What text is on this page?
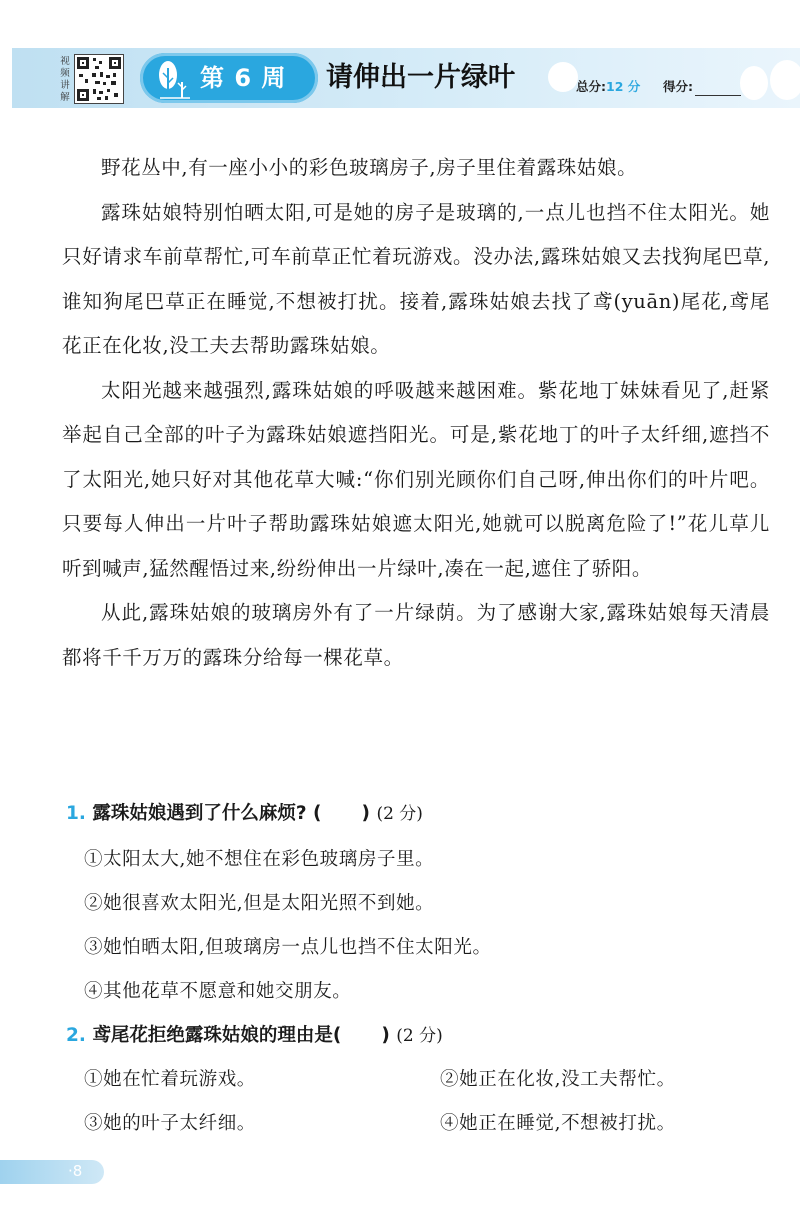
视频讲解
第 6 周	请伸出一片绿叶	总分:12 分 得分:

野花丛中,有一座小小的彩色玻璃房子,房子里住着露珠姑娘。

露珠姑娘特别怕晒太阳,可是她的房子是玻璃的,一点儿也挡不住太阳光。她只好请求车前草帮忙,可车前草正忙着玩游戏。没办法,露珠姑娘又去找狗尾巴草,谁知狗尾巴草正在睡觉,不想被打扰。接着,露珠姑娘去找了鸢(yuān)尾花,鸢尾花正在化妆,没工夫去帮助露珠姑娘。

太阳光越来越强烈,露珠姑娘的呼吸越来越困难。紫花地丁妹妹看见了,赶紧举起自己全部的叶子为露珠姑娘遮挡阳光。可是,紫花地丁的叶子太纤细,遮挡不了太阳光,她只好对其他花草大喊:“你们别光顾你们自己呀,伸出你们的叶片吧。只要每人伸出一片叶子帮助露珠姑娘遮太阳光,她就可以脱离危险了!”花儿草儿听到喊声,猛然醒悟过来,纷纷伸出一片绿叶,凑在一起,遮住了骄阳。

从此,露珠姑娘的玻璃房外有了一片绿荫。为了感谢大家,露珠姑娘每天清晨都将千千万万的露珠分给每一棵花草。

1. 露珠姑娘遇到了什么麻烦? ( ) (2 分)
①太阳太大,她不想住在彩色玻璃房子里。
②她很喜欢太阳光,但是太阳光照不到她。
③她怕晒太阳,但玻璃房一点儿也挡不住太阳光。
④其他花草不愿意和她交朋友。
2. 鸢尾花拒绝露珠姑娘的理由是( ) (2 分)
①她在忙着玩游戏。	②她正在化妆,没工夫帮忙。
③她的叶子太纤细。	④她正在睡觉,不想被打扰。
·8
